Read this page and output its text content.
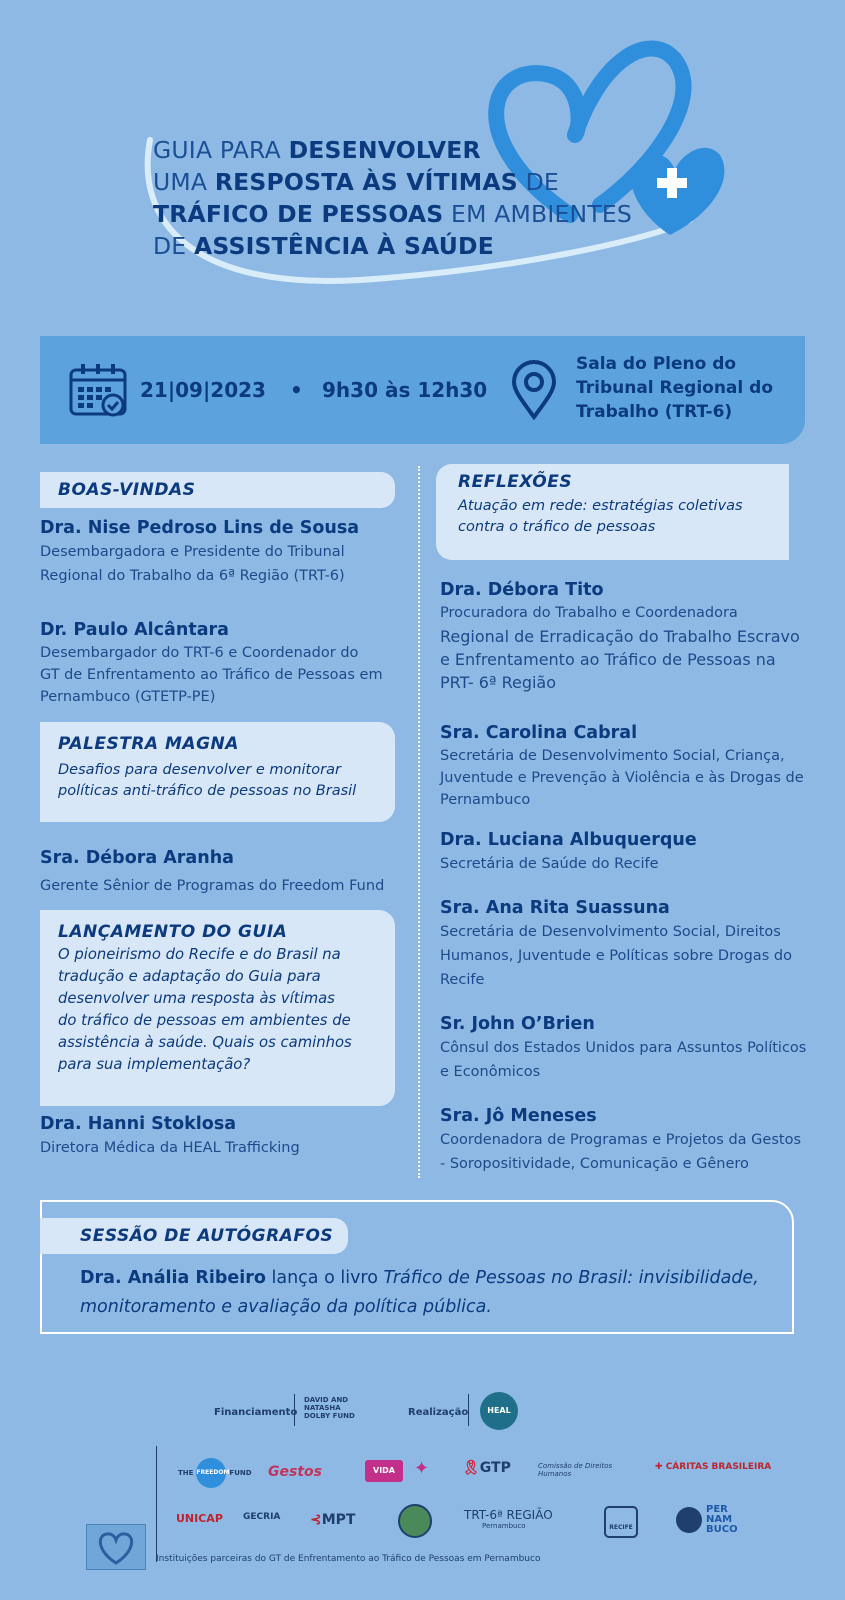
GUIA PARA DESENVOLVER
UMA RESPOSTA ÀS VÍTIMAS DE
TRÁFICO DE PESSOAS EM AMBIENTES
DE ASSISTÊNCIA À SAÚDE
21|09|2023 • 9h30 às 12h30
Sala do Pleno do
Tribunal Regional do
Trabalho (TRT-6)
BOAS-VINDAS
Dra. Nise Pedroso Lins de Sousa
Desembargadora e Presidente do Tribunal
Regional do Trabalho da 6ª Região (TRT-6)
Dr. Paulo Alcântara
Desembargador do TRT-6 e Coordenador do
GT de Enfrentamento ao Tráfico de Pessoas em
Pernambuco (GTETP-PE)
PALESTRA MAGNA
Desafios para desenvolver e monitorar
políticas anti-tráfico de pessoas no Brasil
Sra. Débora Aranha
Gerente Sênior de Programas do Freedom Fund
LANÇAMENTO DO GUIA
O pioneirismo do Recife e do Brasil na
tradução e adaptação do Guia para
desenvolver uma resposta às vítimas
do tráfico de pessoas em ambientes de
assistência à saúde. Quais os caminhos
para sua implementação?
Dra. Hanni Stoklosa
Diretora Médica da HEAL Trafficking
REFLEXÕES
Atuação em rede: estratégias coletivas
contra o tráfico de pessoas
Dra. Débora Tito
Procuradora do Trabalho e Coordenadora
Regional de Erradicação do Trabalho Escravo
e Enfrentamento ao Tráfico de Pessoas na
PRT- 6ª Região
Sra. Carolina Cabral
Secretária de Desenvolvimento Social, Criança,
Juventude e Prevenção à Violência e às Drogas de
Pernambuco
Dra. Luciana Albuquerque
Secretária de Saúde do Recife
Sra. Ana Rita Suassuna
Secretária de Desenvolvimento Social, Direitos
Humanos, Juventude e Políticas sobre Drogas do
Recife
Sr. John O’Brien
Cônsul dos Estados Unidos para Assuntos Políticos
e Econômicos
Sra. Jô Meneses
Coordenadora de Programas e Projetos da Gestos
- Soropositividade, Comunicação e Gênero
SESSÃO DE AUTÓGRAFOS
Dra. Anália Ribeiro lança o livro Tráfico de Pessoas no Brasil: invisibilidade,
monitoramento e avaliação da política pública.
Financiamento
DAVID AND
NATASHA
DOLBY FUND	Realização	HEAL
THE FREEDOM FUND Gestos	VIDA	✦ 🎗GTP	Comissão de Direitos Humanos
✚ CÁRITAS BRASILEIRA
UNICAP GECRIA ⊰MPT	TRT-6ª REGIÃO
Pernambuco	RECIFE
PER
NAM
BUCO
Instituições parceiras do GT de Enfrentamento ao Tráfico de Pessoas em Pernambuco
